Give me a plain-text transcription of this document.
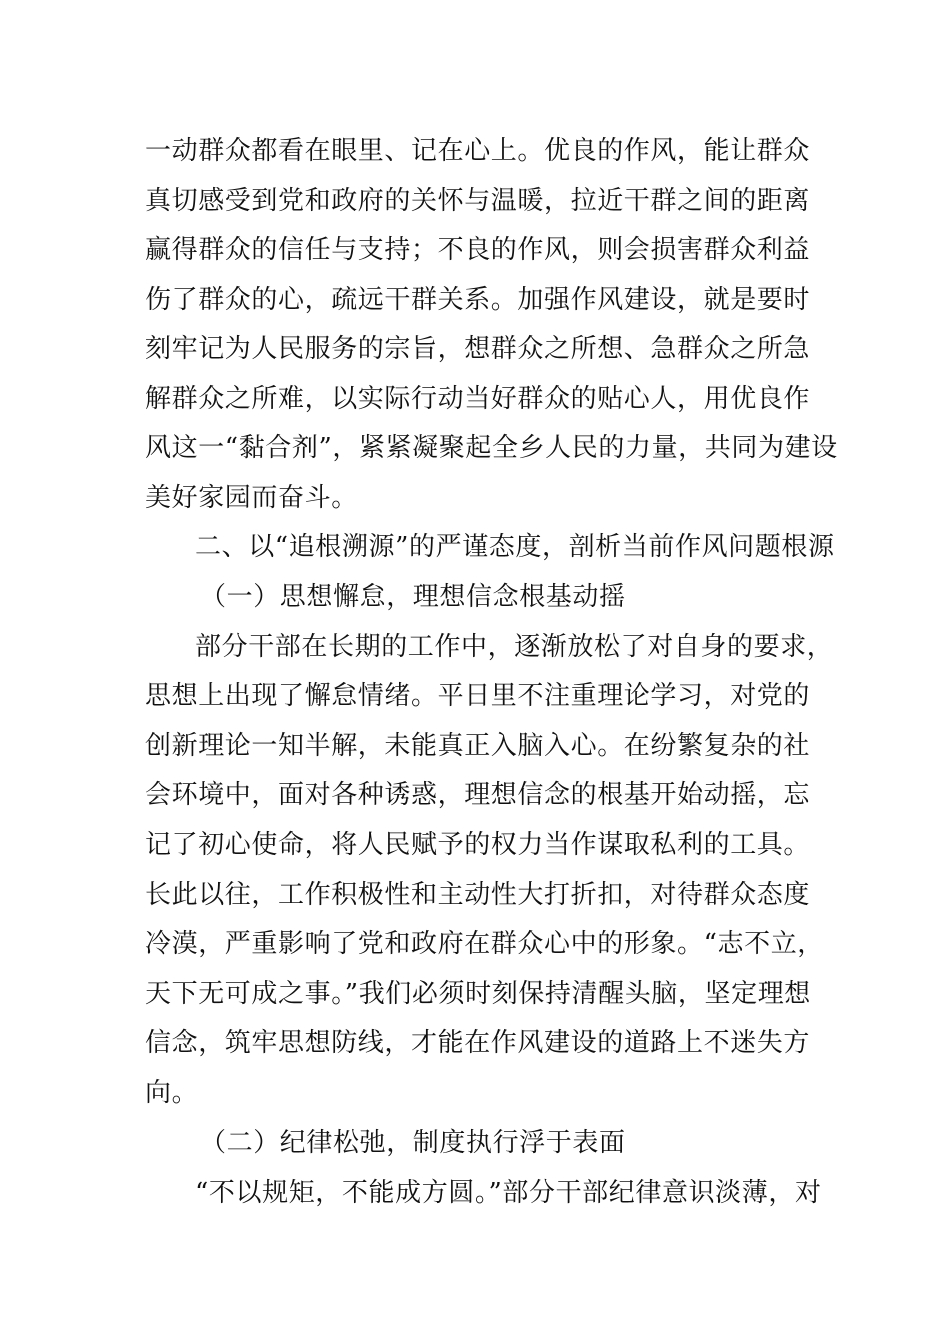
一动群众都看在眼里、记在心上。优良的作风，能让群众
真切感受到党和政府的关怀与温暖，拉近干群之间的距离
赢得群众的信任与支持；不良的作风，则会损害群众利益
伤了群众的心，疏远干群关系。加强作风建设，就是要时
刻牢记为人民服务的宗旨，想群众之所想、急群众之所急
解群众之所难，以实际行动当好群众的贴心人，用优良作
风这一“黏合剂”，紧紧凝聚起全乡人民的力量，共同为建设
美好家园而奋斗。
二、以“追根溯源”的严谨态度，剖析当前作风问题根源
（一）思想懈怠，理想信念根基动摇
部分干部在长期的工作中，逐渐放松了对自身的要求，
思想上出现了懈怠情绪。平日里不注重理论学习，对党的
创新理论一知半解，未能真正入脑入心。在纷繁复杂的社
会环境中，面对各种诱惑，理想信念的根基开始动摇，忘
记了初心使命，将人民赋予的权力当作谋取私利的工具。
长此以往，工作积极性和主动性大打折扣，对待群众态度
冷漠，严重影响了党和政府在群众心中的形象。“志不立，
天下无可成之事。”我们必须时刻保持清醒头脑，坚定理想
信念，筑牢思想防线，才能在作风建设的道路上不迷失方
向。
（二）纪律松弛，制度执行浮于表面
“不以规矩，不能成方圆。”部分干部纪律意识淡薄，对
